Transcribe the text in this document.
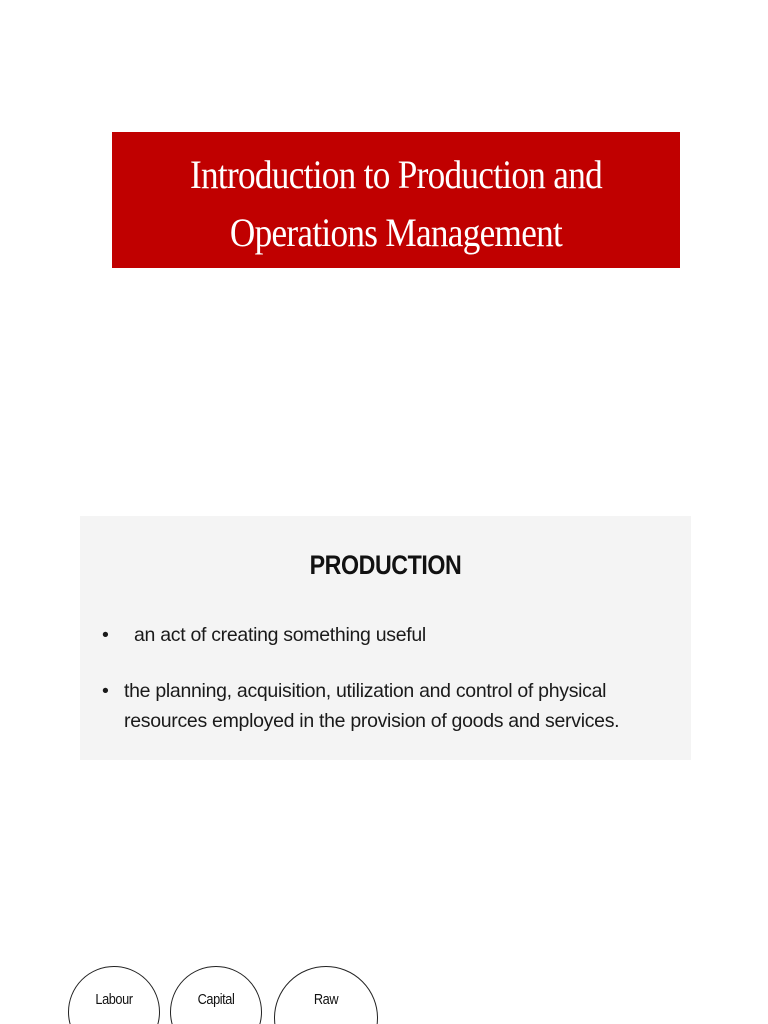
Introduction to Production and
Operations Management
PRODUCTION
• an act of creating something useful
• the planning, acquisition, utilization and control of physical
resources employed in the provision of goods and services.
Labour	Capital	Raw
